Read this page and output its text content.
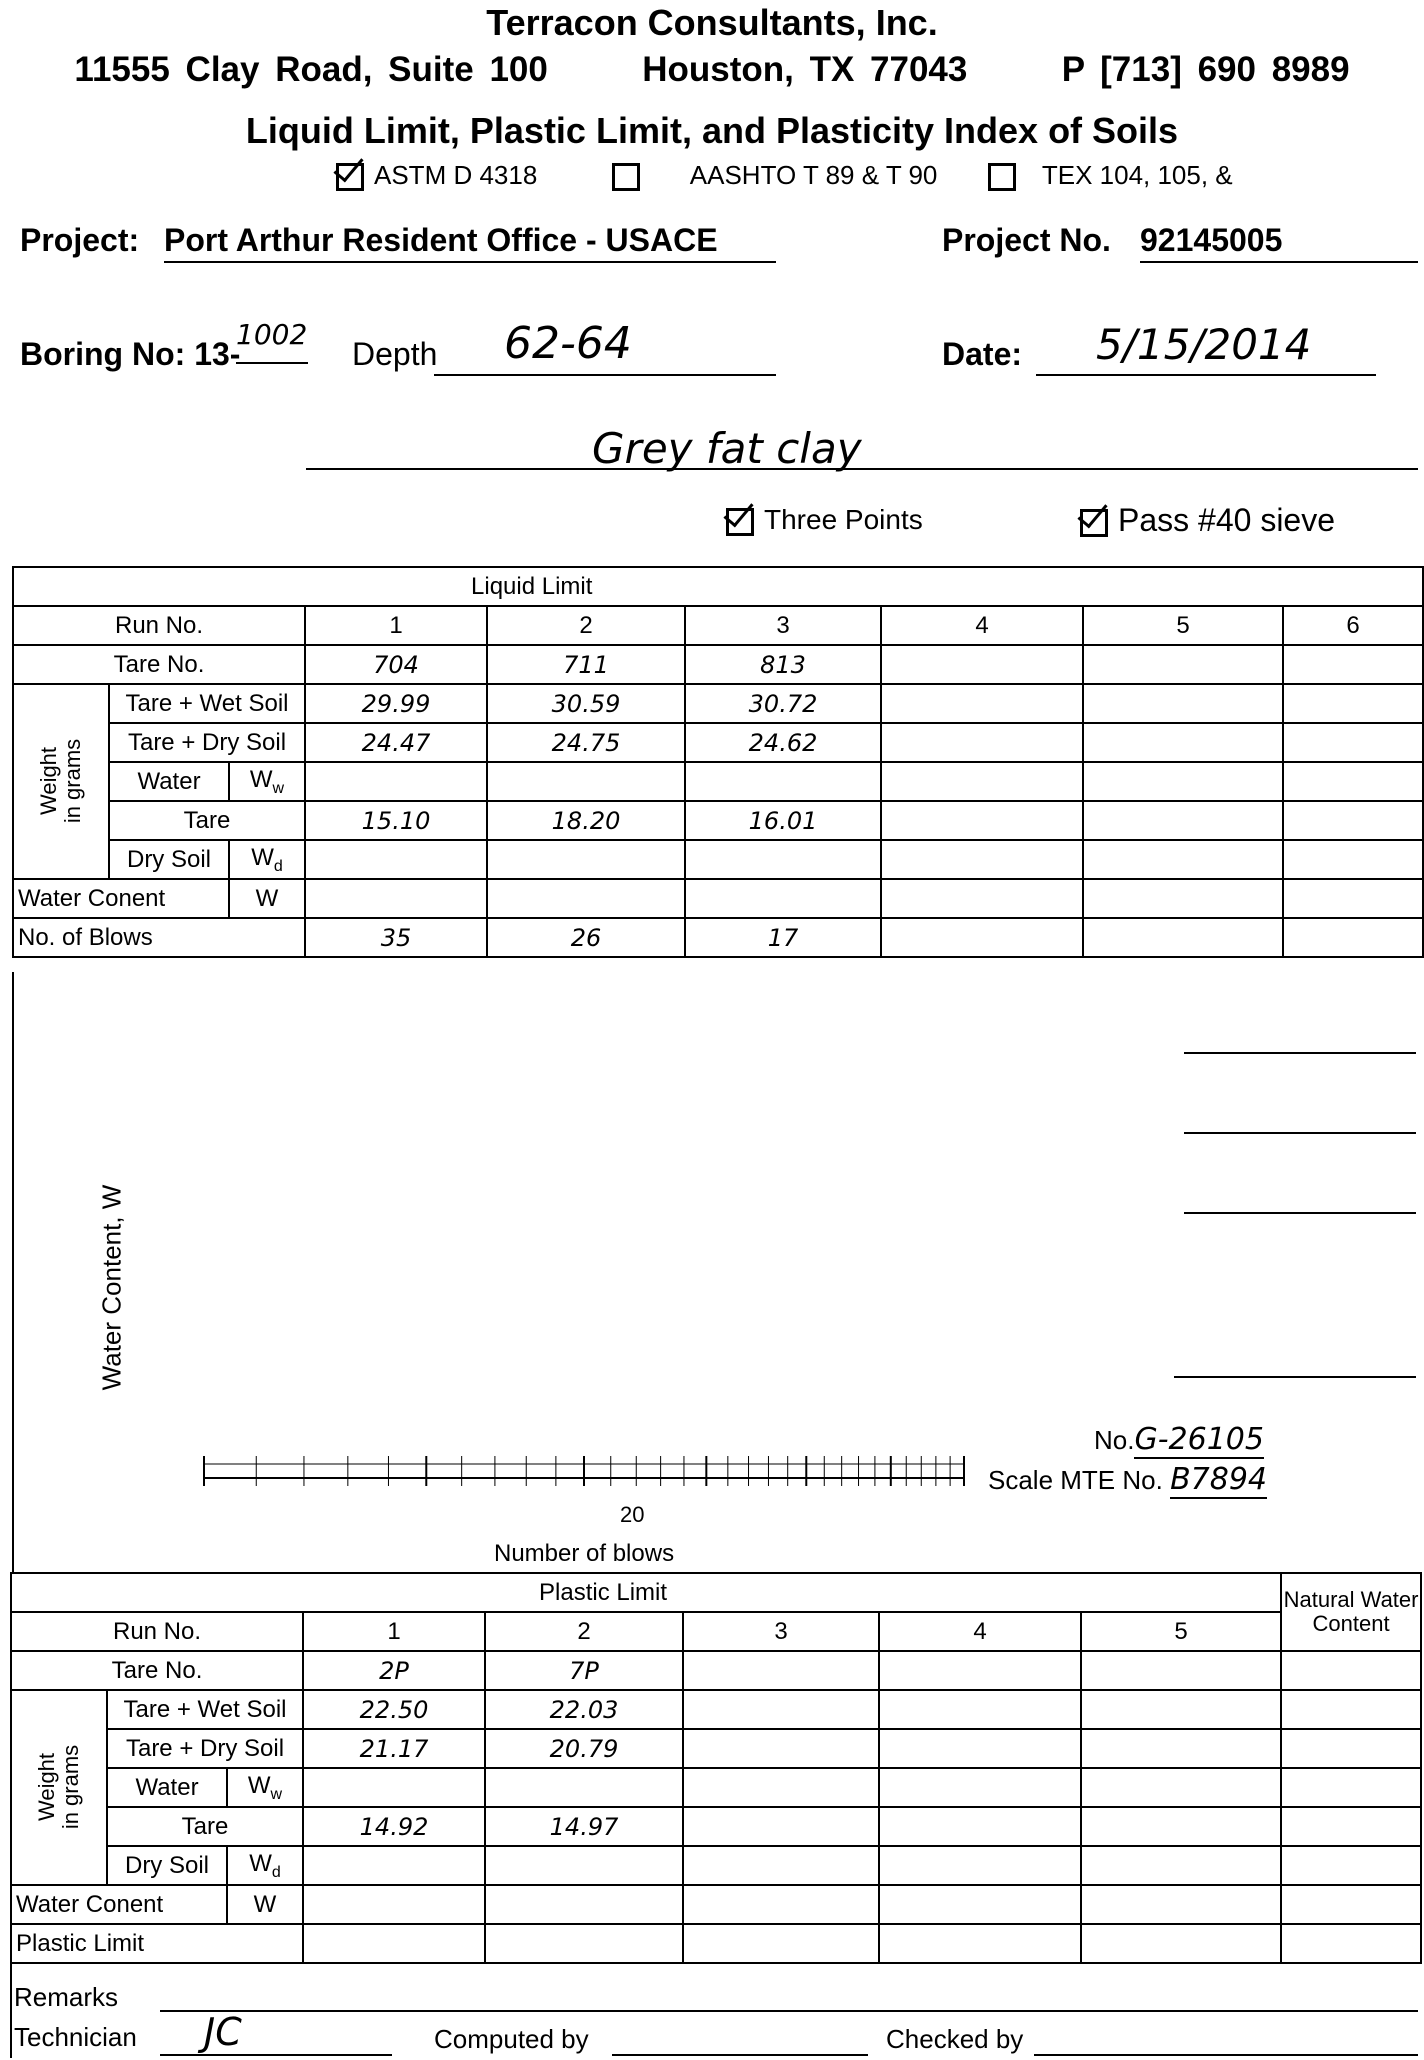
Terracon Consultants, Inc.
11555 Clay Road, Suite 100	Houston, TX 77043	P [713] 690 8989
Liquid Limit, Plastic Limit, and Plasticity Index of Soils
ASTM D 4318	AASHTO T 89 & T 90	TEX 104, 105, &
Project: Port Arthur Resident Office - USACE	Project No. 92145005
Boring No: 13-
1002
Depth	62-64	Date:	5/15/2014
Grey fat clay
Three Points	Pass #40 sieve
			Liquid Limit					
Run No.			1	2	3	4	5	6
Tare No.			704	711	813			
Weight
in grams	Tare + Wet Soil		29.99	30.59	30.72			
	Tare + Dry Soil		24.47	24.75	24.62			
	Water	$W_w$						
	Tare		15.10	18.20	16.01			
	Dry Soil	$W_d$						
Water Conent		W						
No. of Blows			35	26	17			
Water Content, W
20
Number of blows
No.G-26105
Scale MTE No. B7894
			Plastic Limit					Natural Water Content
Run No.			1	2	3	4	5	
Tare No.			2P	7P				
Weight
in grams	Tare + Wet Soil		22.50	22.03				
	Tare + Dry Soil		21.17	20.79				
	Water	$W_w$						
	Tare		14.92	14.97				
	Dry Soil	$W_d$						
Water Conent		W						
Plastic Limit								
Remarks
Technician JC	Computed by	Checked by
